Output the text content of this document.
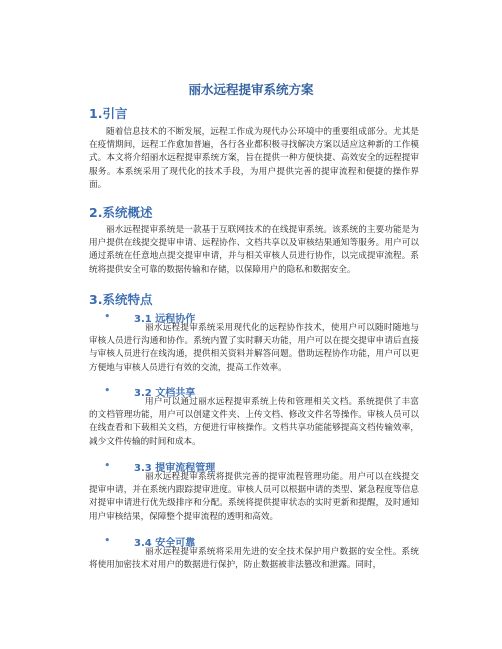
丽水远程提审系统方案
1.引言

随着信息技术的不断发展，远程工作成为现代办公环境中的重要组成部分。尤其是在疫情期间，远程工作愈加普遍，各行各业都积极寻找解决方案以适应这种新的工作模式。本文将介绍丽水远程提审系统方案，旨在提供一种方便快捷、高效安全的远程提审服务。本系统采用了现代化的技术手段，为用户提供完善的提审流程和便捷的操作界面。

2.系统概述

丽水远程提审系统是一款基于互联网技术的在线提审系统。该系统的主要功能是为用户提供在线提交提审申请、远程协作、文档共享以及审核结果通知等服务。用户可以通过系统在任意地点提交提审申请，并与相关审核人员进行协作，以完成提审流程。系统将提供安全可靠的数据传输和存储，以保障用户的隐私和数据安全。

3.系统特点
• 3.1 远程协作

丽水远程提审系统采用现代化的远程协作技术，使用户可以随时随地与审核人员进行沟通和协作。系统内置了实时聊天功能，用户可以在提交提审申请后直接与审核人员进行在线沟通，提供相关资料并解答问题。借助远程协作功能，用户可以更方便地与审核人员进行有效的交流，提高工作效率。

• 3.2 文档共享

用户可以通过丽水远程提审系统上传和管理相关文档。系统提供了丰富的文档管理功能，用户可以创建文件夹、上传文档、修改文件名等操作。审核人员可以在线查看和下载相关文档，方便进行审核操作。文档共享功能能够提高文档传输效率，减少文件传输的时间和成本。

• 3.3 提审流程管理

丽水远程提审系统将提供完善的提审流程管理功能。用户可以在线提交提审申请，并在系统内跟踪提审进度。审核人员可以根据申请的类型、紧急程度等信息对提审申请进行优先级排序和分配。系统将提供提审状态的实时更新和提醒，及时通知用户审核结果，保障整个提审流程的透明和高效。

• 3.4 安全可靠

丽水远程提审系统将采用先进的安全技术保护用户数据的安全性。系统将使用加密技术对用户的数据进行保护，防止数据被非法篡改和泄露。同时，
